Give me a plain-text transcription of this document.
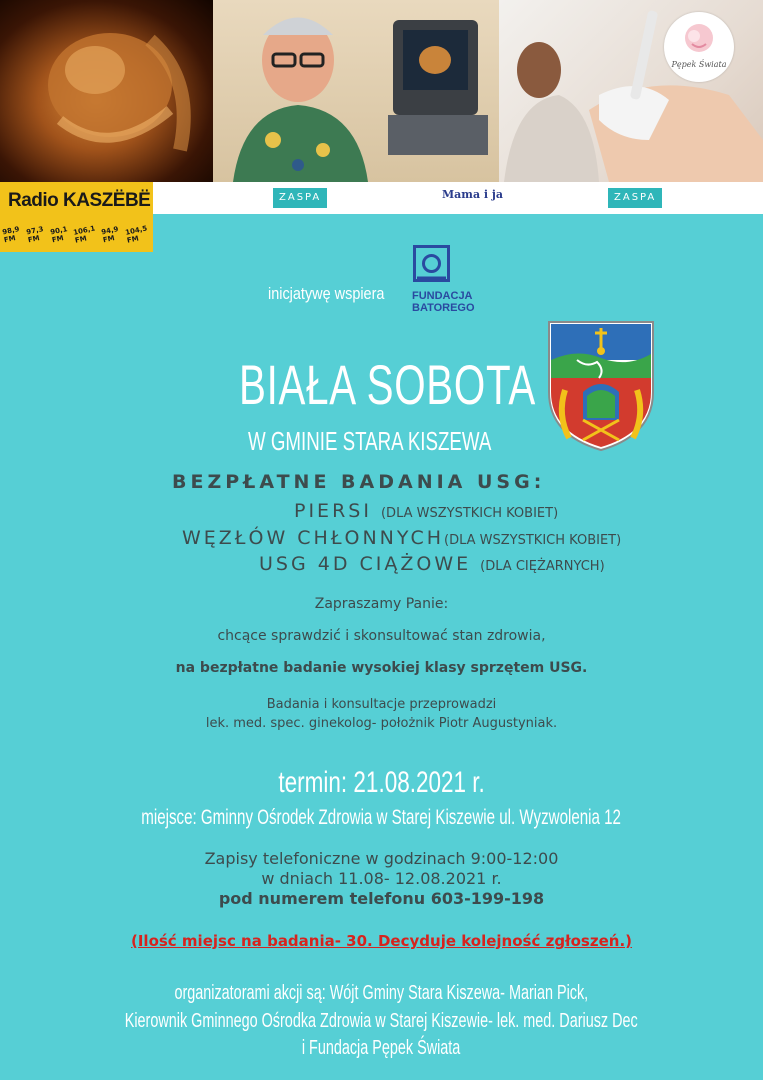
ZASPA	Mama i ja	ZASPA
Radio KASZËBË
98,9 FM
97,3 FM
90,1 FM
106,1 FM
94,9 FM
104,5 FM
Pępek Świata
inicjatywę wspiera	FUNDACJA
BATOREGO
BIAŁA SOBOTA
W GMINIE STARA KISZEWA
BEZPŁATNE BADANIA USG:
PIERSI (DLA WSZYSTKICH KOBIET)
WĘZŁÓW CHŁONNYCH(DLA WSZYSTKICH KOBIET)
USG 4D CIĄŻOWE (DLA CIĘŻARNYCH)
Zapraszamy Panie:
chcące sprawdzić i skonsultować stan zdrowia,
na bezpłatne badanie wysokiej klasy sprzętem USG.
Badania i konsultacje przeprowadzi
lek. med. spec. ginekolog- położnik Piotr Augustyniak.
termin: 21.08.2021 r.
miejsce: Gminny Ośrodek Zdrowia w Starej Kiszewie ul. Wyzwolenia 12
Zapisy telefoniczne w godzinach 9:00-12:00
w dniach 11.08- 12.08.2021 r.
pod numerem telefonu 603-199-198
(Ilość miejsc na badania- 30. Decyduje kolejność zgłoszeń.)
organizatorami akcji są: Wójt Gminy Stara Kiszewa- Marian Pick,
Kierownik Gminnego Ośrodka Zdrowia w Starej Kiszewie- lek. med. Dariusz Dec
i Fundacja Pępek Świata
